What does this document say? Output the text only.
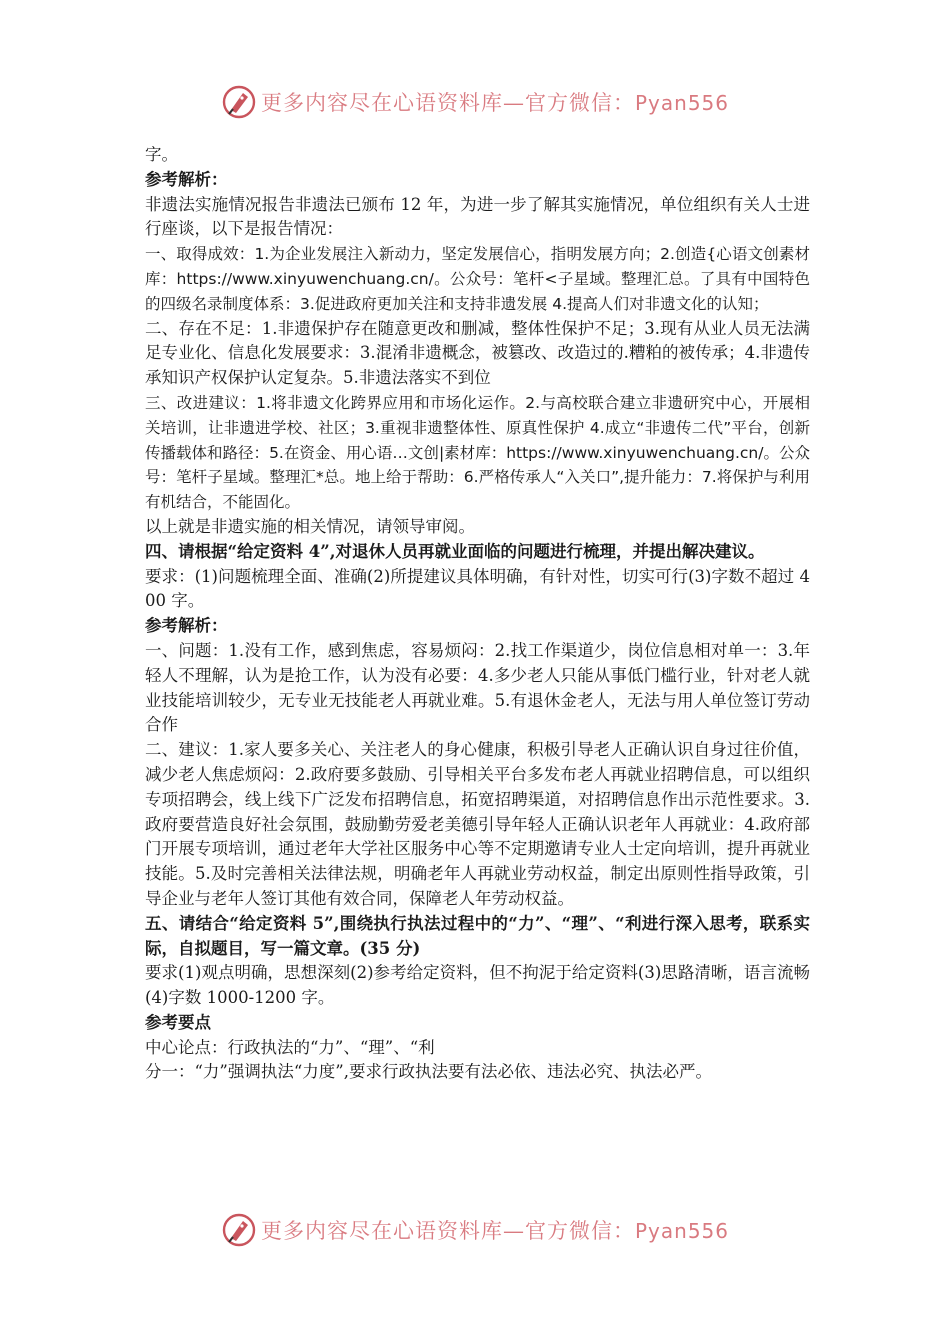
更多内容尽在心语资料库—官方微信：Pyan556

字。

参考解析：

非遗法实施情况报告非遗法已颁布 12 年，为进一步了解其实施情况，单位组织有关人士进行座谈，以下是报告情况：

一、取得成效：1.为企业发展注入新动力，坚定发展信心，指明发展方向；2.创造{心语文创素材库：https://www.xinyuwenchuang.cn/。公众号：笔杆<子星域。整理汇总。了具有中国特色的四级名录制度体系：3.促进政府更加关注和支持非遗发展 4.提高人们对非遗文化的认知；

二、存在不足：1.非遗保护存在随意更改和删减，整体性保护不足；3.现有从业人员无法满足专业化、信息化发展要求：3.混淆非遗概念，被篡改、改造过的.糟粕的被传承；4.非遗传承知识产权保护认定复杂。5.非遗法落实不到位

三、改进建议：1.将非遗文化跨界应用和市场化运作。2.与高校联合建立非遗研究中心，开展相关培训，让非遗进学校、社区；3.重视非遗整体性、原真性保护 4.成立“非遗传二代”平台，创新传播载体和路径：5.在资金、用心语…文创|素材库：https://www.xinyuwenchuang.cn/。公众号：笔杆子星域。整理汇*总。地上给于帮助：6.严格传承人“入关口”,提升能力：7.将保护与利用有机结合，不能固化。

以上就是非遗实施的相关情况，请领导审阅。

四、请根据“给定资料 4”,对退休人员再就业面临的问题进行梳理，并提出解决建议。

要求：(1)问题梳理全面、准确(2)所提建议具体明确，有针对性，切实可行(3)字数不超过 400 字。

参考解析：

一、问题：1.没有工作，感到焦虑，容易烦闷：2.找工作渠道少，岗位信息相对单一：3.年轻人不理解，认为是抢工作，认为没有必要：4.多少老人只能从事低门槛行业，针对老人就业技能培训较少，无专业无技能老人再就业难。5.有退休金老人，无法与用人单位签订劳动合作

二、建议：1.家人要多关心、关注老人的身心健康，积极引导老人正确认识自身过往价值，减少老人焦虑烦闷：2.政府要多鼓励、引导相关平台多发布老人再就业招聘信息，可以组织专项招聘会，线上线下广泛发布招聘信息，拓宽招聘渠道，对招聘信息作出示范性要求。3.政府要营造良好社会氛围，鼓励勤劳爱老美德引导年轻人正确认识老年人再就业：4.政府部门开展专项培训，通过老年大学社区服务中心等不定期邀请专业人士定向培训，提升再就业技能。5.及时完善相关法律法规，明确老年人再就业劳动权益，制定出原则性指导政策，引导企业与老年人签订其他有效合同，保障老人年劳动权益。

五、请结合“给定资料 5”,围绕执行执法过程中的“力”、“理”、“利进行深入思考，联系实际，自拟题目，写一篇文章。(35 分)

要求(1)观点明确，思想深刻(2)参考给定资料，但不拘泥于给定资料(3)思路清晰，语言流畅(4)字数 1000-1200 字。

参考要点

中心论点：行政执法的“力”、“理”、“利

分一：“力”强调执法“力度”,要求行政执法要有法必依、违法必究、执法必严。

更多内容尽在心语资料库—官方微信：Pyan556
